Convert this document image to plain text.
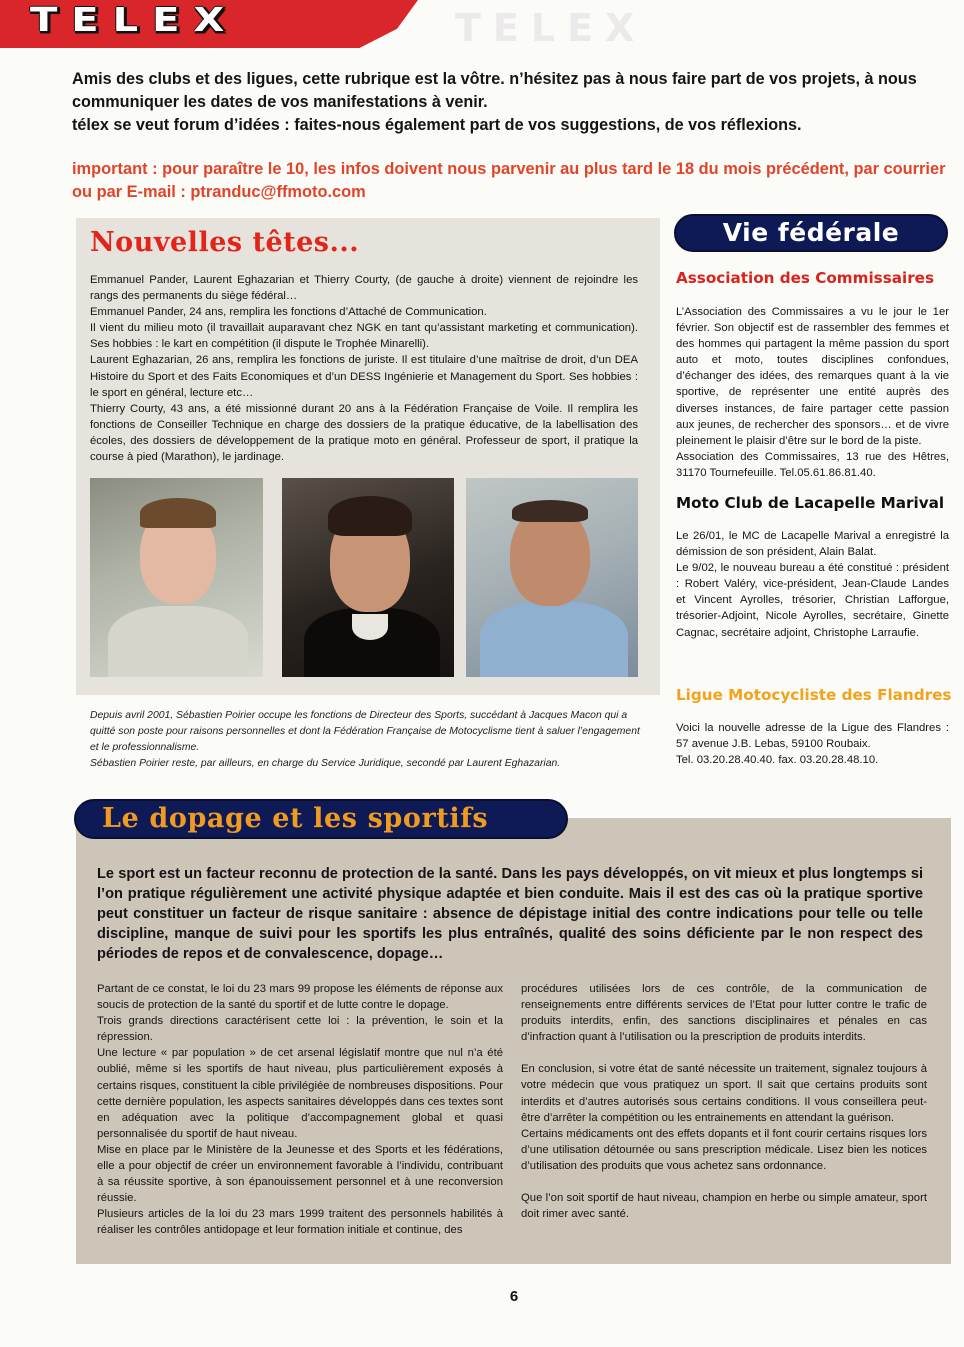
TELEX	TELEX

Amis des clubs et des ligues, cette rubrique est la vôtre. n’hésitez pas à nous faire part de vos projets, à nous communiquer les dates de vos manifestations à venir.

télex se veut forum d’idées : faites-nous également part de vos suggestions, de vos réflexions.

important : pour paraître le 10, les infos doivent nous parvenir au plus tard le 18 du mois précédent, par courrier ou par E-mail : ptranduc@ffmoto.com
Nouvelles têtes...

Emmanuel Pander, Laurent Eghazarian et Thierry Courty, (de gauche à droite) viennent de rejoindre les rangs des permanents du siège fédéral…

Emmanuel Pander, 24 ans, remplira les fonctions d’Attaché de Communication.

Il vient du milieu moto (il travaillait auparavant chez NGK en tant qu’assistant marketing et communication). Ses hobbies : le kart en compétition (il dispute le Trophée Minarelli).

Laurent Eghazarian, 26 ans, remplira les fonctions de juriste. Il est titulaire d’une maîtrise de droit, d’un DEA Histoire du Sport et des Faits Economiques et d’un DESS Ingénierie et Management du Sport. Ses hobbies : le sport en général, lecture etc…

Thierry Courty, 43 ans, a été missionné durant 20 ans à la Fédération Française de Voile. Il remplira les fonctions de Conseiller Technique en charge des dossiers de la pratique éducative, de la labellisation des écoles, des dossiers de développement de la pratique moto en général. Professeur de sport, il pratique la course à pied (Marathon), le jardinage.

Depuis avril 2001, Sébastien Poirier occupe les fonctions de Directeur des Sports, succédant à Jacques Macon qui a quitté son poste pour raisons personnelles et dont la Fédération Française de Motocyclisme tient à saluer l’engagement et le professionnalisme.

Sébastien Poirier reste, par ailleurs, en charge du Service Juridique, secondé par Laurent Eghazarian.

Vie fédérale
Association des Commissaires

L’Association des Commissaires a vu le jour le 1er février. Son objectif est de rassembler des femmes et des hommes qui partagent la même passion du sport auto et moto, toutes disciplines confondues, d’échanger des idées, des remarques quant à la vie sportive, de représenter une entité auprès des diverses instances, de faire partager cette passion aux jeunes, de rechercher des sponsors… et de vivre pleinement le plaisir d’être sur le bord de la piste.

Association des Commissaires, 13 rue des Hêtres, 31170 Tournefeuille. Tel.05.61.86.81.40.

Moto Club de Lacapelle Marival

Le 26/01, le MC de Lacapelle Marival a enregistré la démission de son président, Alain Balat.

Le 9/02, le nouveau bureau a été constitué : président : Robert Valéry, vice-président, Jean-Claude Landes et Vincent Ayrolles, trésorier, Christian Lafforgue, trésorier-Adjoint, Nicole Ayrolles, secrétaire, Ginette Cagnac, secrétaire adjoint, Christophe Larraufie.

Ligue Motocycliste des Flandres

Voici la nouvelle adresse de la Ligue des Flandres : 57 avenue J.B. Lebas, 59100 Roubaix.

Tel. 03.20.28.40.40. fax. 03.20.28.48.10.

Le dopage et les sportifs
Le sport est un facteur reconnu de protection de la santé. Dans les pays développés, on vit mieux et plus longtemps si l’on pratique régulièrement une activité physique adaptée et bien conduite. Mais il est des cas où la pratique sportive peut constituer un facteur de risque sanitaire : absence de dépistage initial des contre indications pour telle ou telle discipline, manque de suivi pour les sportifs les plus entraînés, qualité des soins déficiente par le non respect des périodes de repos et de convalescence, dopage…

Partant de ce constat, le loi du 23 mars 99 propose les éléments de réponse aux soucis de protection de la santé du sportif et de lutte contre le dopage.

Trois grands directions caractérisent cette loi : la prévention, le soin et la répression.

Une lecture « par population » de cet arsenal législatif montre que nul n’a été oublié, même si les sportifs de haut niveau, plus particulièrement exposés à certains risques, constituent la cible privilégiée de nombreuses dispositions. Pour cette dernière population, les aspects sanitaires développés dans ces textes sont en adéquation avec la politique d’accompagnement global et quasi personnalisée du sportif de haut niveau.

Mise en place par le Ministère de la Jeunesse et des Sports et les fédérations, elle a pour objectif de créer un environnement favorable à l’individu, contribuant à sa réussite sportive, à son épanouissement personnel et à une reconversion réussie.

Plusieurs articles de la loi du 23 mars 1999 traitent des personnels habilités à réaliser les contrôles antidopage et leur formation initiale et continue, des

procédures utilisées lors de ces contrôle, de la communication de renseignements entre différents services de l’Etat pour lutter contre le trafic de produits interdits, enfin, des sanctions disciplinaires et pénales en cas d’infraction quant à l’utilisation ou la prescription de produits interdits.

En conclusion, si votre état de santé nécessite un traitement, signalez toujours à votre médecin que vous pratiquez un sport. Il sait que certains produits sont interdits et d’autres autorisés sous certains conditions. Il vous conseillera peut-être d’arrêter la compétition ou les entrainements en attendant la guérison.

Certains médicaments ont des effets dopants et il font courir certains risques lors d’une utilisation détournée ou sans prescription médicale. Lisez bien les notices d’utilisation des produits que vous achetez sans ordonnance.

Que l’on soit sportif de haut niveau, champion en herbe ou simple amateur, sport doit rimer avec santé.

6
